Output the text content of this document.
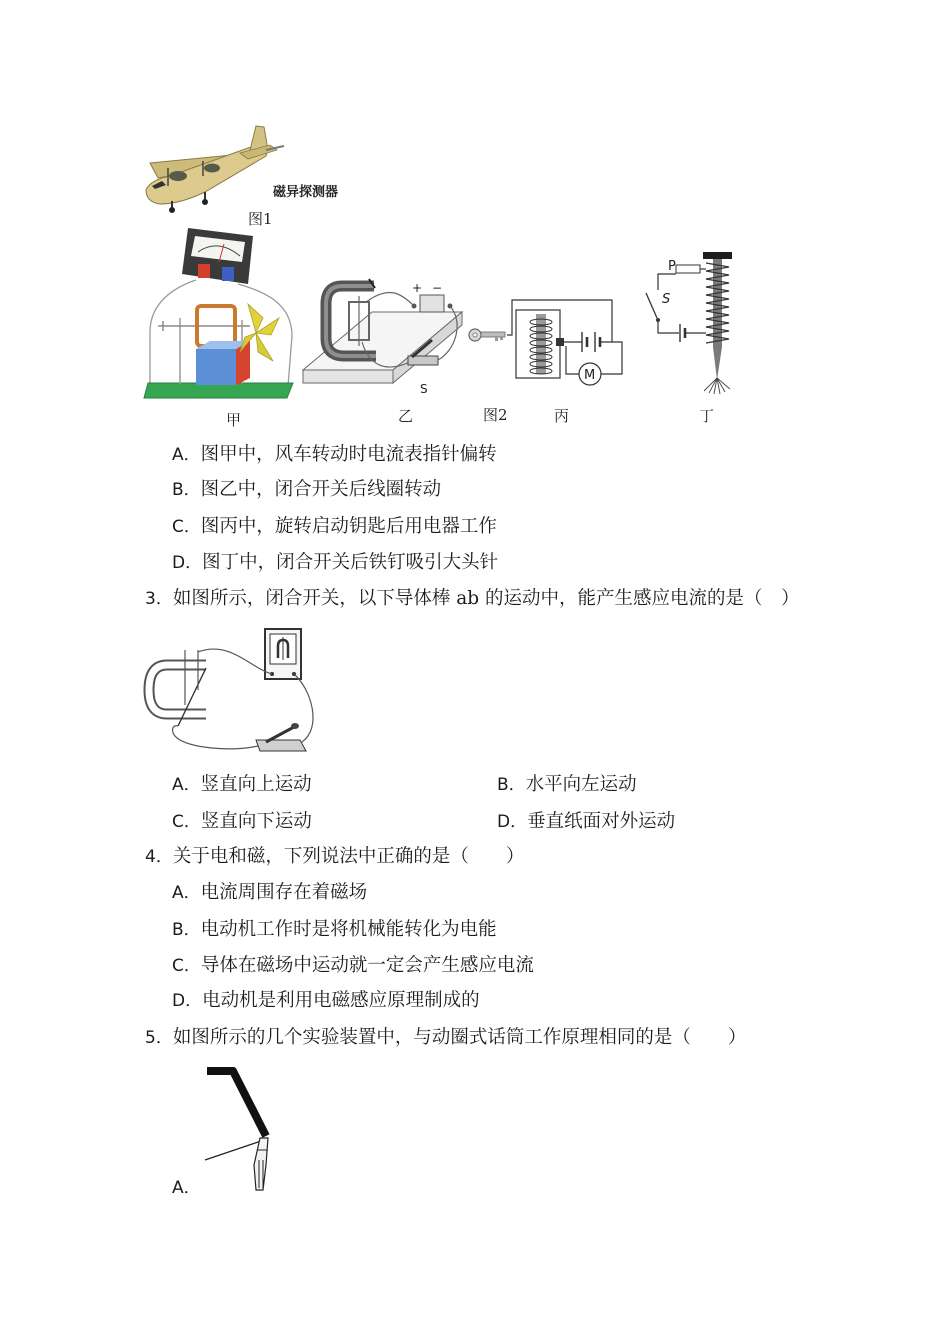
磁异探测器
图1
甲
+ −
S
乙	图2
M
丙
P
S
丁
A．图甲中，风车转动时电流表指针偏转
B．图乙中，闭合开关后线圈转动
C．图丙中，旋转启动钥匙后用电器工作
D．图丁中，闭合开关后铁钉吸引大头针
3．如图所示，闭合开关，以下导体棒 ab 的运动中，能产生感应电流的是（　）
A．竖直向上运动	B．水平向左运动
C．竖直向下运动	D．垂直纸面对外运动
4．关于电和磁，下列说法中正确的是（　　）
A．电流周围存在着磁场
B．电动机工作时是将机械能转化为电能
C．导体在磁场中运动就一定会产生感应电流
D．电动机是利用电磁感应原理制成的
5．如图所示的几个实验装置中，与动圈式话筒工作原理相同的是（　　）
A．
